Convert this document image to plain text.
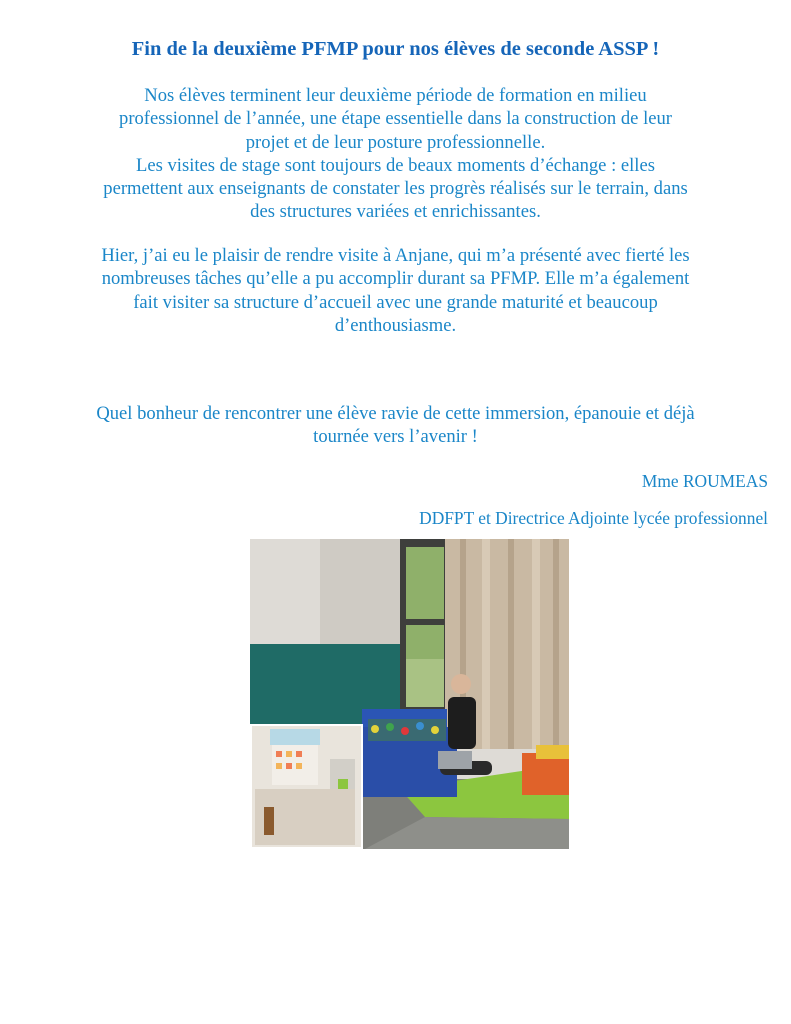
Fin de la deuxième PFMP pour nos élèves de seconde ASSP !

Nos élèves terminent leur deuxième période de formation en milieu
professionnel de l’année, une étape essentielle dans la construction de leur
projet et de leur posture professionnelle.
Les visites de stage sont toujours de beaux moments d’échange : elles
permettent aux enseignants de constater les progrès réalisés sur le terrain, dans
des structures variées et enrichissantes.

Hier, j’ai eu le plaisir de rendre visite à Anjane, qui m’a présenté avec fierté les
nombreuses tâches qu’elle a pu accomplir durant sa PFMP. Elle m’a également
fait visiter sa structure d’accueil avec une grande maturité et beaucoup
d’enthousiasme.

Quel bonheur de rencontrer une élève ravie de cette immersion, épanouie et déjà
tournée vers l’avenir !

Mme ROUMEAS

DDFPT et Directrice Adjointe lycée professionnel
